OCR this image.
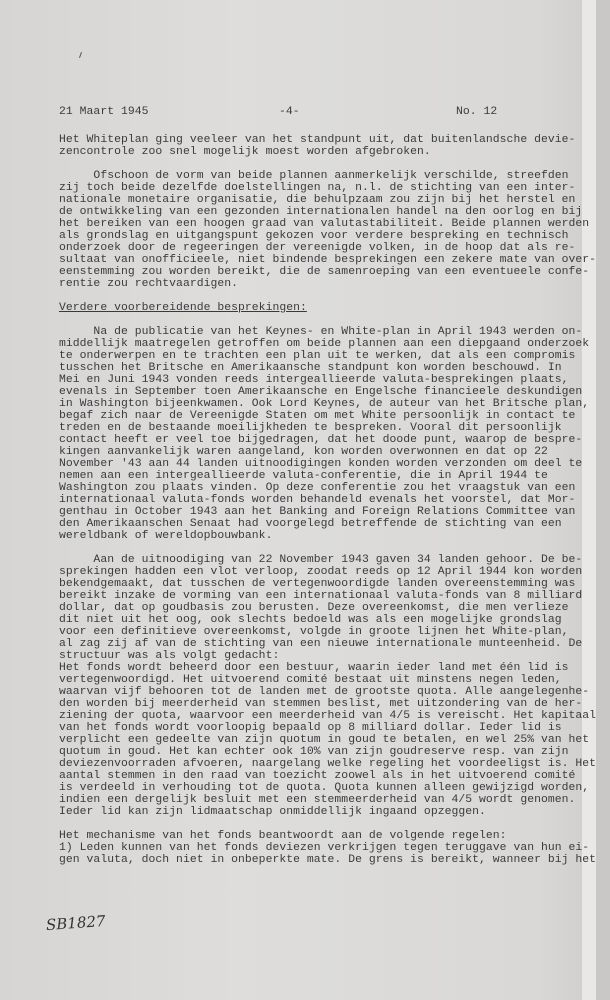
21 Maart 1945	-4-	No. 12
Het Whiteplan ging veeleer van het standpunt uit, dat buitenlandsche devie-
zencontrole zoo snel mogelijk moest worden afgebroken.
Ofschoon de vorm van beide plannen aanmerkelijk verschilde, streefden
zij toch beide dezelfde doelstellingen na, n.l. de stichting van een inter-
nationale monetaire organisatie, die behulpzaam zou zijn bij het herstel en
de ontwikkeling van een gezonden internationalen handel na den oorlog en bij
het bereiken van een hoogen graad van valutastabiliteit. Beide plannen werden
als grondslag en uitgangspunt gekozen voor verdere bespreking en technisch
onderzoek door de regeeringen der vereenigde volken, in de hoop dat als re-
sultaat van onofficieele, niet bindende besprekingen een zekere mate van over-
eenstemming zou worden bereikt, die de samenroeping van een eventueele confe-
rentie zou rechtvaardigen.
Verdere voorbereidende besprekingen:
Na de publicatie van het Keynes- en White-plan in April 1943 werden on-
middellijk maatregelen getroffen om beide plannen aan een diepgaand onderzoek
te onderwerpen en te trachten een plan uit te werken, dat als een compromis
tusschen het Britsche en Amerikaansche standpunt kon worden beschouwd. In
Mei en Juni 1943 vonden reeds intergeallieerde valuta-besprekingen plaats,
evenals in September toen Amerikaansche en Engelsche financieele deskundigen
in Washington bijeenkwamen. Ook Lord Keynes, de auteur van het Britsche plan,
begaf zich naar de Vereenigde Staten om met White persoonlijk in contact te
treden en de bestaande moeilijkheden te bespreken. Vooral dit persoonlijk
contact heeft er veel toe bijgedragen, dat het doode punt, waarop de bespre-
kingen aanvankelijk waren aangeland, kon worden overwonnen en dat op 22
November '43 aan 44 landen uitnoodigingen konden worden verzonden om deel te
nemen aan een intergeallieerde valuta-conferentie, die in April 1944 te
Washington zou plaats vinden. Op deze conferentie zou het vraagstuk van een
internationaal valuta-fonds worden behandeld evenals het voorstel, dat Mor-
genthau in October 1943 aan het Banking and Foreign Relations Committee van
den Amerikaanschen Senaat had voorgelegd betreffende de stichting van een
wereldbank of wereldopbouwbank.
Aan de uitnoodiging van 22 November 1943 gaven 34 landen gehoor. De be-
sprekingen hadden een vlot verloop, zoodat reeds op 12 April 1944 kon worden
bekendgemaakt, dat tusschen de vertegenwoordigde landen overeenstemming was
bereikt inzake de vorming van een internationaal valuta-fonds van 8 milliard
dollar, dat op goudbasis zou berusten. Deze overeenkomst, die men verlieze
dit niet uit het oog, ook slechts bedoeld was als een mogelijke grondslag
voor een definitieve overeenkomst, volgde in groote lijnen het White-plan,
al zag zij af van de stichting van een nieuwe internationale munteenheid. De
structuur was als volgt gedacht:
Het fonds wordt beheerd door een bestuur, waarin ieder land met één lid is
vertegenwoordigd. Het uitvoerend comité bestaat uit minstens negen leden,
waarvan vijf behooren tot de landen met de grootste quota. Alle aangelegenhe-
den worden bij meerderheid van stemmen beslist, met uitzondering van de her-
ziening der quota, waarvoor een meerderheid van 4/5 is vereischt. Het kapitaal
van het fonds wordt voorloopig bepaald op 8 milliard dollar. Ieder lid is
verplicht een gedeelte van zijn quotum in goud te betalen, en wel 25% van het
quotum in goud. Het kan echter ook 10% van zijn goudreserve resp. van zijn
deviezenvoorraden afvoeren, naargelang welke regeling het voordeeligst is. Het
aantal stemmen in den raad van toezicht zoowel als in het uitvoerend comité
is verdeeld in verhouding tot de quota. Quota kunnen alleen gewijzigd worden,
indien een dergelijk besluit met een stemmeerderheid van 4/5 wordt genomen.
Ieder lid kan zijn lidmaatschap onmiddellijk ingaand opzeggen.
Het mechanisme van het fonds beantwoordt aan de volgende regelen:
1) Leden kunnen van het fonds deviezen verkrijgen tegen teruggave van hun ei-
gen valuta, doch niet in onbeperkte mate. De grens is bereikt, wanneer bij het
SB1827
